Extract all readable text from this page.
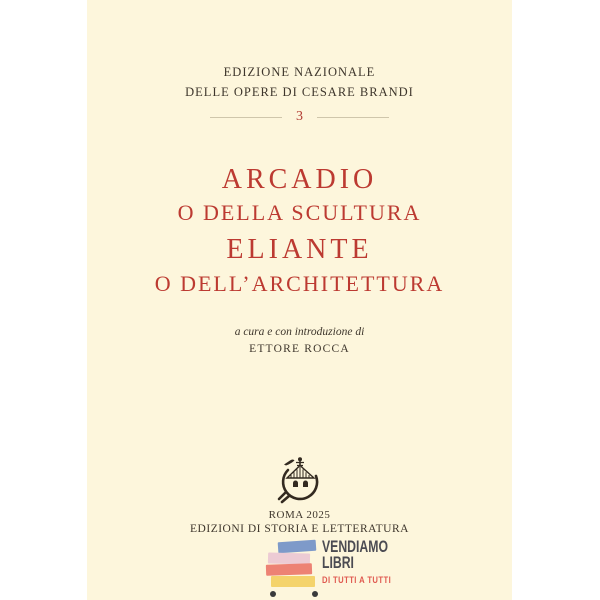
EDIZIONE NAZIONALE
DELLE OPERE DI CESARE BRANDI
3
ARCADIO
O DELLA SCULTURA
ELIANTE
O DELL’ARCHITETTURA
a cura e con introduzione di
ETTORE ROCCA
ROMA 2025
EDIZIONI DI STORIA E LETTERATURA
VENDIAMO
LIBRI
DI TUTTI A TUTTI
